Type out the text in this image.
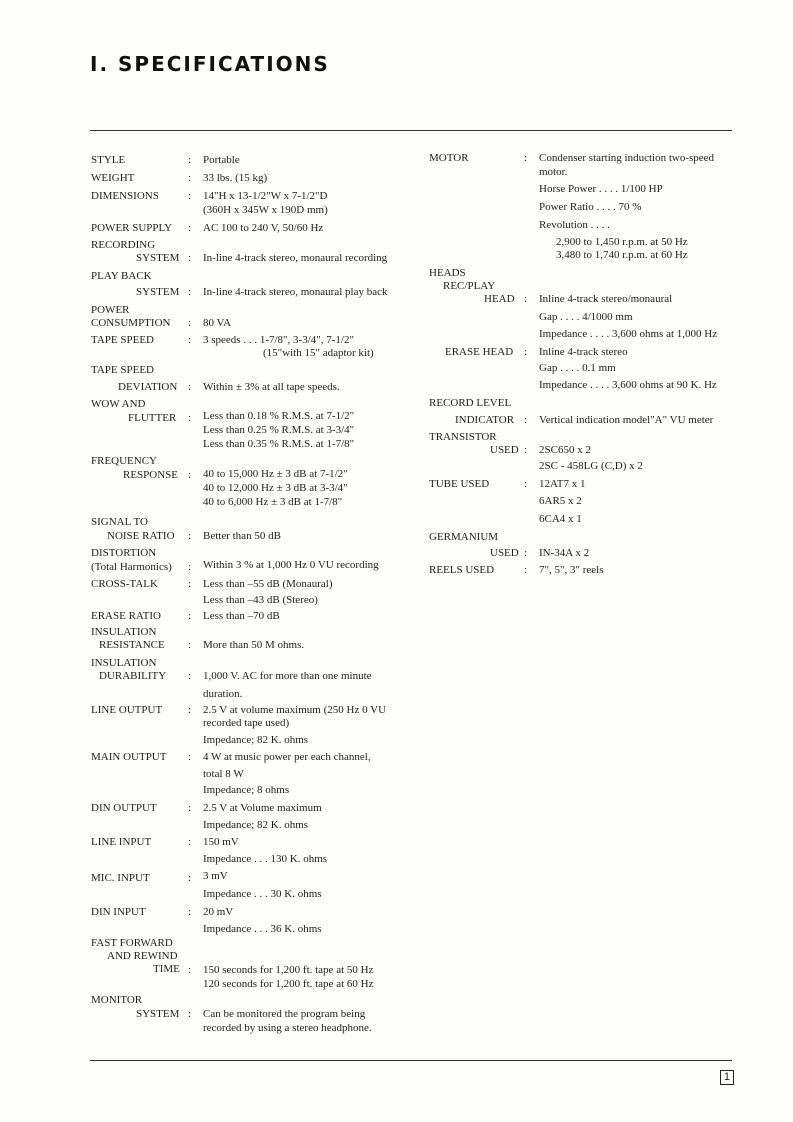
I. SPECIFICATIONS
STYLE	: Portable
WEIGHT	: 33 lbs. (15 kg)
DIMENSIONS	: 14"H x 13-1/2"W x 7-1/2"D
(360H x 345W x 190D mm)
POWER SUPPLY : AC 100 to 240 V, 50/60 Hz
RECORDING
SYSTEM : In-line 4-track stereo, monaural recording
PLAY BACK
SYSTEM : In-line 4-track stereo, monaural play back
POWER
CONSUMPTION : 80 VA
TAPE SPEED	: 3 speeds . . . 1-7/8", 3-3/4", 7-1/2"
(15"with 15" adaptor kit)
TAPE SPEED
DEVIATION : Within ± 3% at all tape speeds.
WOW AND
FLUTTER : Less than 0.18 % R.M.S. at 7-1/2"
Less than 0.25 % R.M.S. at 3-3/4"
Less than 0.35 % R.M.S. at 1-7/8"
FREQUENCY
RESPONSE : 40 to 15,000 Hz ± 3 dB at 7-1/2"
40 to 12,000 Hz ± 3 dB at 3-3/4"
40 to 6,000 Hz ± 3 dB at 1-7/8"
SIGNAL TO
NOISE RATIO : Better than 50 dB
DISTORTION
(Total Harmonics) : Within 3 % at 1,000 Hz 0 VU recording
CROSS-TALK	: Less than –55 dB (Monaural)
Less than –43 dB (Stereo)
ERASE RATIO : Less than –70 dB
INSULATION
RESISTANCE : More than 50 M ohms.
INSULATION
DURABILITY : 1,000 V. AC for more than one minute
duration.
LINE OUTPUT : 2.5 V at volume maximum (250 Hz 0 VU
recorded tape used)
Impedance; 82 K. ohms
MAIN OUTPUT : 4 W at music power per each channel,
total 8 W
Impedance; 8 ohms
DIN OUTPUT	: 2.5 V at Volume maximum
Impedance; 82 K. ohms
LINE INPUT	: 150 mV
Impedance . . . 130 K. ohms
MIC. INPUT	: 3 mV
Impedance . . . 30 K. ohms
DIN INPUT	: 20 mV
Impedance . . . 36 K. ohms
FAST FORWARD
AND REWIND
TIME : 150 seconds for 1,200 ft. tape at 50 Hz
120 seconds for 1,200 ft. tape at 60 Hz
MONITOR
SYSTEM : Can be monitored the program being
recorded by using a stereo headphone.
MOTOR	: Condenser starting induction two-speed
motor.
Horse Power . . . . 1/100 HP
Power Ratio . . . . 70 %
Revolution . . . .
2,900 to 1,450 r.p.m. at 50 Hz
3,480 to 1,740 r.p.m. at 60 Hz
HEADS
REC/PLAY
HEAD : Inline 4-track stereo/monaural
Gap . . . . 4/1000 mm
Impedance . . . . 3,600 ohms at 1,000 Hz
ERASE HEAD : Inline 4-track stereo
Gap . . . . 0.1 mm
Impedance . . . . 3,600 ohms at 90 K. Hz
RECORD LEVEL
INDICATOR : Vertical indication model"A" VU meter
TRANSISTOR
USED : 2SC650 x 2
2SC - 458LG (C,D) x 2
TUBE USED	: 12AT7 x 1
6AR5 x 2
6CA4 x 1
GERMANIUM
USED : IN-34A x 2
REELS USED	: 7", 5", 3" reels
1
